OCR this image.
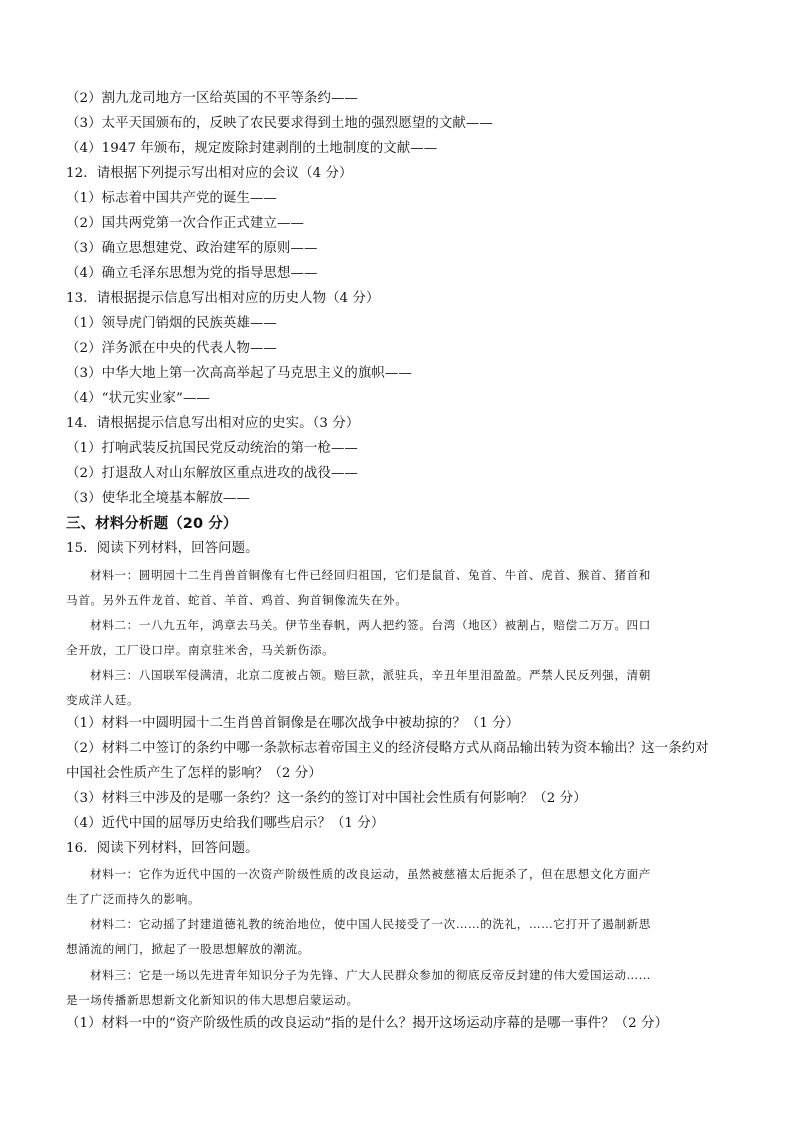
（2）割九龙司地方一区给英国的不平等条约——
（3）太平天国颁布的，反映了农民要求得到土地的强烈愿望的文献——
（4）1947 年颁布，规定废除封建剥削的土地制度的文献——
12．请根据下列提示写出相对应的会议（4 分）
（1）标志着中国共产党的诞生——
（2）国共两党第一次合作正式建立——
（3）确立思想建党、政治建军的原则——
（4）确立毛泽东思想为党的指导思想——
13．请根据提示信息写出相对应的历史人物（4 分）
（1）领导虎门销烟的民族英雄——
（2）洋务派在中央的代表人物——
（3）中华大地上第一次高高举起了马克思主义的旗帜——
（4）“状元实业家”——
14．请根据提示信息写出相对应的史实。（3 分）
（1）打响武装反抗国民党反动统治的第一枪——
（2）打退敌人对山东解放区重点进攻的战役——
（3）使华北全境基本解放——
三、材料分析题（20 分）
15．阅读下列材料，回答问题。
材料一：圆明园十二生肖兽首铜像有七件已经回归祖国，它们是鼠首、兔首、牛首、虎首、猴首、猪首和
马首。另外五件龙首、蛇首、羊首、鸡首、狗首铜像流失在外。
材料二：一八九五年，鸿章去马关。伊节坐春帆，两人把约签。台湾（地区）被割占，赔偿二万万。四口
全开放，工厂设口岸。南京驻米舍，马关新伤添。
材料三：八国联军侵满清，北京二度被占领。赔巨款，派驻兵，辛丑年里泪盈盈。严禁人民反列强，清朝
变成洋人廷。
（1）材料一中圆明园十二生肖兽首铜像是在哪次战争中被劫掠的？（1 分）
（2）材料二中签订的条约中哪一条款标志着帝国主义的经济侵略方式从商品输出转为资本输出？这一条约对
中国社会性质产生了怎样的影响？（2 分）
（3）材料三中涉及的是哪一条约？这一条约的签订对中国社会性质有何影响？（2 分）
（4）近代中国的屈辱历史给我们哪些启示？（1 分）
16．阅读下列材料，回答问题。
材料一：它作为近代中国的一次资产阶级性质的改良运动，虽然被慈禧太后扼杀了，但在思想文化方面产
生了广泛而持久的影响。
材料二：它动摇了封建道德礼教的统治地位，使中国人民接受了一次……的洗礼，……它打开了遏制新思
想涌流的闸门，掀起了一股思想解放的潮流。
材料三：它是一场以先进青年知识分子为先锋、广大人民群众参加的彻底反帝反封建的伟大爱国运动……
是一场传播新思想新文化新知识的伟大思想启蒙运动。
（1）材料一中的“资产阶级性质的改良运动”指的是什么？揭开这场运动序幕的是哪一事件？（2 分）
